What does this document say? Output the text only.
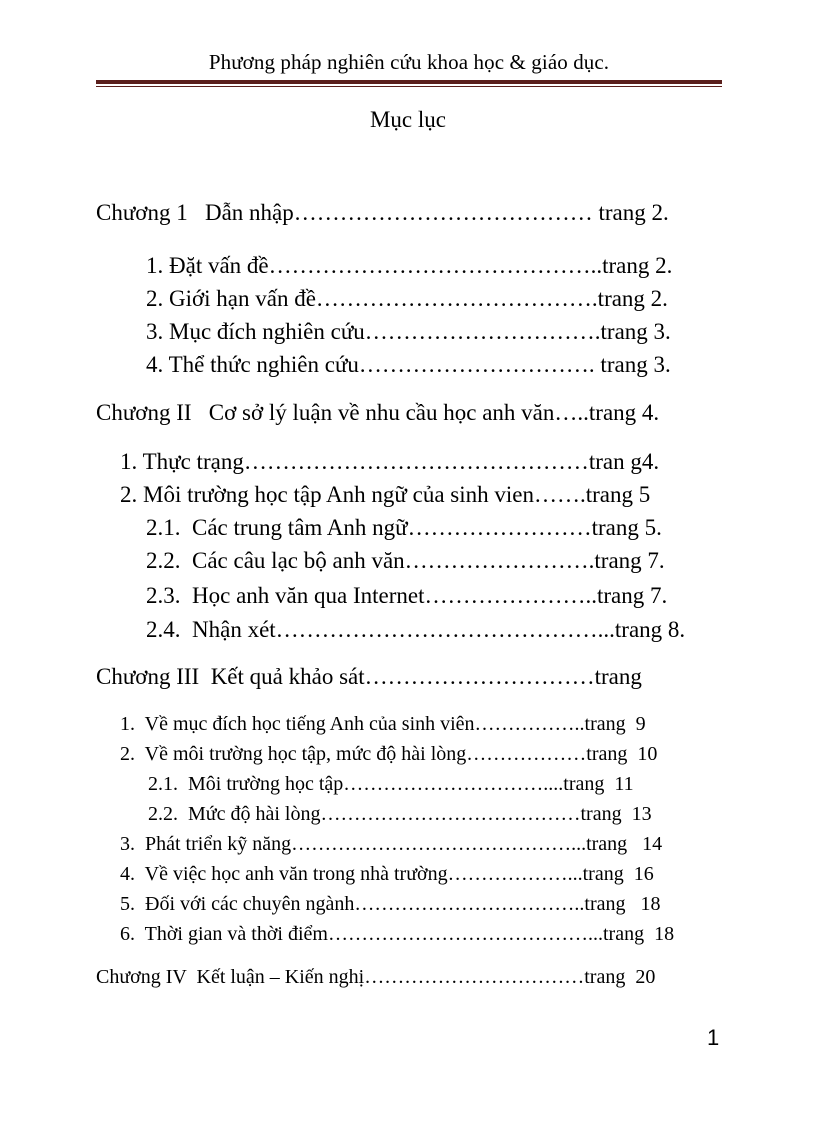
Phương pháp nghiên cứu khoa học & giáo dục.
Mục lục
Chương 1   Dẫn nhập………………………………… trang 2.
1. Đặt vấn đề……………………………………..trang 2.
2. Giới hạn vấn đề……………………………….trang 2.
3. Mục đích nghiên cứu………………………….trang 3.
4. Thể thức nghiên cứu…………………………. trang 3.
Chương II   Cơ sở lý luận về nhu cầu học anh văn…..trang 4.
1. Thực trạng………………………………………tran g4.
2. Môi trường học tập Anh ngữ của sinh vien…….trang 5
2.1.  Các trung tâm Anh ngữ……………………trang 5.
2.2.  Các câu lạc bộ anh văn…………………….trang 7.
2.3.  Học anh văn qua Internet…………………..trang 7.
2.4.  Nhận xét……………………………………...trang 8.
Chương III  Kết quả khảo sát…………………………trang
1.  Về mục đích học tiếng Anh của sinh viên……………..trang  9
2.  Về môi trường học tập, mức độ hài lòng………………trang  10
2.1.  Môi trường học tập…………………………....trang  11
2.2.  Mức độ hài lòng…………………………………trang  13
3.  Phát triển kỹ năng……………………………………...trang   14
4.  Về việc học anh văn trong nhà trường………………...trang  16
5.  Đối với các chuyên ngành……………………………..trang   18
6.  Thời gian và thời điểm…………………………………...trang  18
Chương IV  Kết luận – Kiến nghị……………………………trang  20
1
